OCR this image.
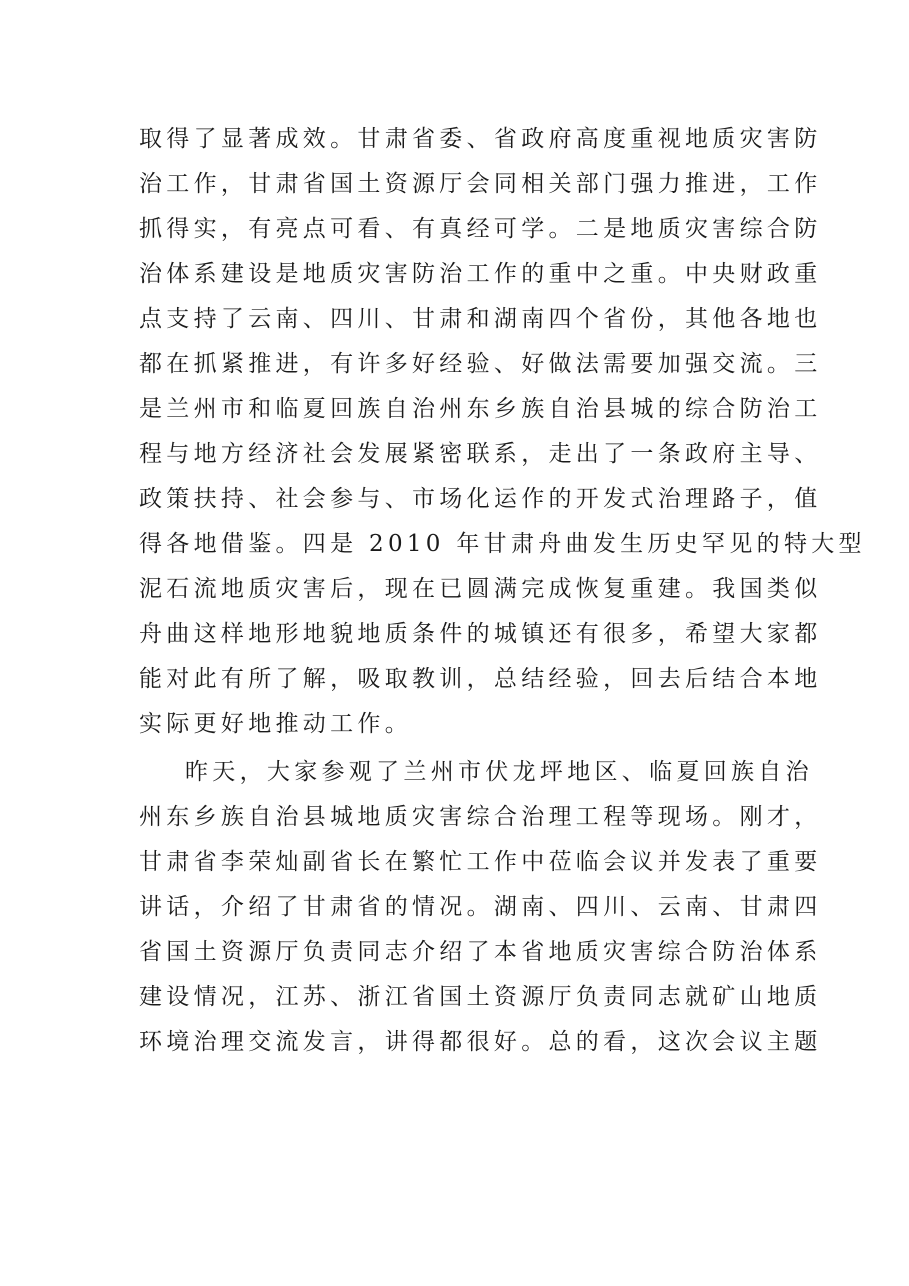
取得了显著成效。甘肃省委、省政府高度重视地质灾害防
治工作，甘肃省国土资源厅会同相关部门强力推进，工作
抓得实，有亮点可看、有真经可学。二是地质灾害综合防
治体系建设是地质灾害防治工作的重中之重。中央财政重
点支持了云南、四川、甘肃和湖南四个省份，其他各地也
都在抓紧推进，有许多好经验、好做法需要加强交流。三
是兰州市和临夏回族自治州东乡族自治县城的综合防治工
程与地方经济社会发展紧密联系，走出了一条政府主导、
政策扶持、社会参与、市场化运作的开发式治理路子，值
得各地借鉴。四是 2010 年甘肃舟曲发生历史罕见的特大型
泥石流地质灾害后，现在已圆满完成恢复重建。我国类似
舟曲这样地形地貌地质条件的城镇还有很多，希望大家都
能对此有所了解，吸取教训，总结经验，回去后结合本地
实际更好地推动工作。
昨天，大家参观了兰州市伏龙坪地区、临夏回族自治
州东乡族自治县城地质灾害综合治理工程等现场。刚才，
甘肃省李荣灿副省长在繁忙工作中莅临会议并发表了重要
讲话，介绍了甘肃省的情况。湖南、四川、云南、甘肃四
省国土资源厅负责同志介绍了本省地质灾害综合防治体系
建设情况，江苏、浙江省国土资源厅负责同志就矿山地质
环境治理交流发言，讲得都很好。总的看，这次会议主题
